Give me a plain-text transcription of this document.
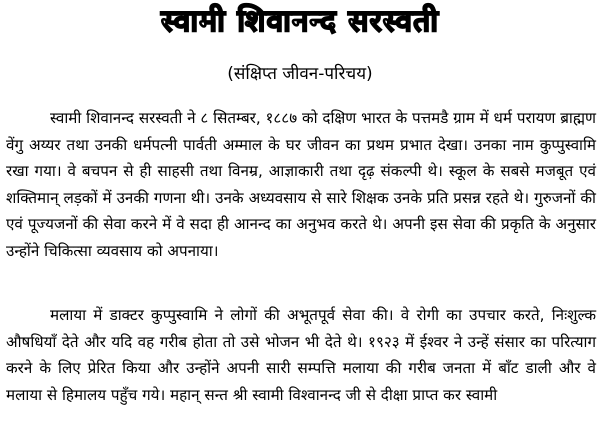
स्वामी शिवानन्द सरस्वती

(संक्षिप्त जीवन-परिचय)

स्वामी शिवानन्द सरस्वती ने ८ सितम्बर, १८८७ को दक्षिण भारत के पत्तमडै ग्राम में धर्म परायण ब्राह्मण वेंगु अय्यर तथा उनकी धर्मपत्नी पार्वती अम्माल के घर जीवन का प्रथम प्रभात देखा। उनका नाम कुप्पुस्वामि रखा गया। वे बचपन से ही साहसी तथा विनम्र, आज्ञाकारी तथा दृढ़ संकल्पी थे। स्कूल के सबसे मजबूत एवं शक्तिमान् लड़कों में उनकी गणना थी। उनके अध्यवसाय से सारे शिक्षक उनके प्रति प्रसन्न रहते थे। गुरुजनों की एवं पूज्यजनों की सेवा करने में वे सदा ही आनन्द का अनुभव करते थे। अपनी इस सेवा की प्रकृति के अनुसार उन्होंने चिकित्सा व्यवसाय को अपनाया।

मलाया में डाक्टर कुप्पुस्वामि ने लोगों की अभूतपूर्व सेवा की। वे रोगी का उपचार करते, निःशुल्क औषधियाँ देते और यदि वह गरीब होता तो उसे भोजन भी देते थे। १९२३ में ईश्वर ने उन्हें संसार का परित्याग करने के लिए प्रेरित किया और उन्होंने अपनी सारी सम्पत्ति मलाया की गरीब जनता में बाँट डाली और वे मलाया से हिमालय पहुँच गये। महान् सन्त श्री स्वामी विश्वानन्द जी से दीक्षा प्राप्त कर स्वामी
